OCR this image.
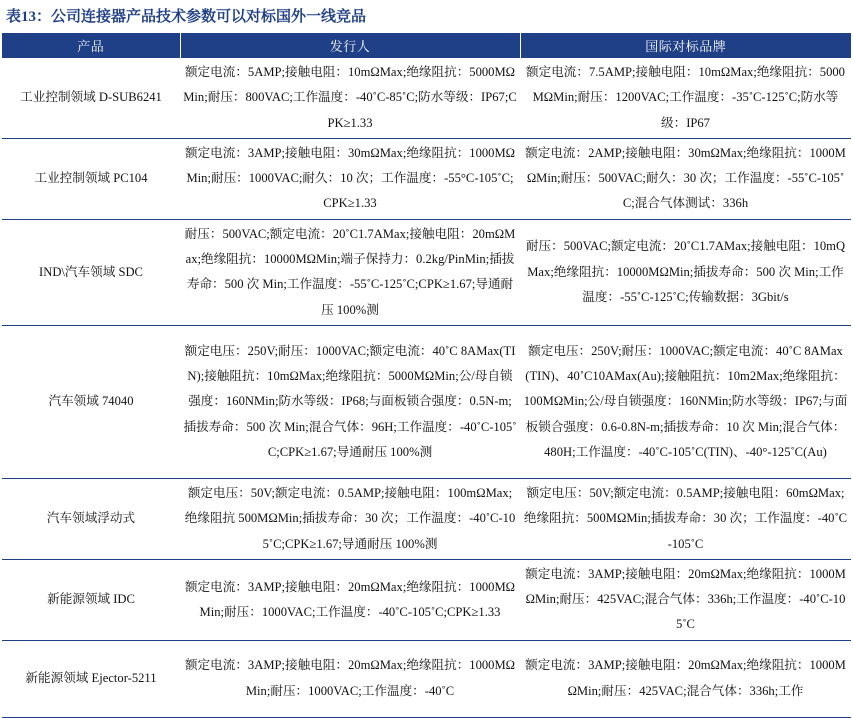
表13：公司连接器产品技术参数可以对标国外一线竞品
产品	发行人	国际对标品牌
工业控制领域 D-SUB6241	额定电流：5AMP;接触电阻：10mΩMax;绝缘阻抗：5000MΩMin;耐压：800VAC;工作温度：-40˚C-85˚C;防水等级：IP67;CPK≥1.33	额定电流：7.5AMP;接触电阻：10mΩMax;绝缘阻抗：5000MΩMin;耐压：1200VAC;工作温度：-35˚C-125˚C;防水等级：IP67
工业控制领域 PC104	额定电流：3AMP;接触电阻：30mΩMax;绝缘阻抗：1000MΩMin;耐压：1000VAC;耐久：10 次；工作温度：-55°C-105˚C;CPK≥1.33	额定电流：2AMP;接触电阻：30mΩMax;绝缘阻抗：1000MΩMin;耐压：500VAC;耐久：30 次；工作温度：-55˚C-105˚C;混合气体测试：336h
IND\汽车领域 SDC	耐压：500VAC;额定电流：20˚C1.7AMax;接触电阻：20mΩMax;绝缘阻抗：10000MΩMin;端子保持力：0.2kg/PinMin;插拔寿命：500 次 Min;工作温度：-55˚C-125˚C;CPK≥1.67;导通耐压 100%测	耐压：500VAC;额定电流：20˚C1.7AMax;接触电阻：10mQMax;绝缘阻抗：10000MΩMin;插拔寿命：500 次 Min;工作温度：-55˚C-125˚C;传输数据：3Gbit/s
汽车领域 74040	额定电压：250V;耐压：1000VAC;额定电流：40˚C 8AMax(TIN);接触阻抗：10mΩMax;绝缘阻抗：5000MΩMin;公/母自锁强度：160NMin;防水等级：IP68;与面板锁合强度：0.5N-m;插拔寿命：500 次 Min;混合气体：96H;工作温度：-40˚C-105˚C;CPK≥1.67;导通耐压 100%测	额定电压：250V;耐压：1000VAC;额定电流：40˚C 8AMax(TIN)、40˚C10AMax(Au);接触阻抗：10m2Max;绝缘阻抗：100MΩMin;公/母自锁强度：160NMin;防水等级：IP67;与面板锁合强度：0.6-0.8N-m;插拔寿命：10 次 Min;混合气体：480H;工作温度：-40˚C-105˚C(TIN)、-40°-125˚C(Au)
汽车领域浮动式	额定电压：50V;额定电流：0.5AMP;接触电阻：100mΩMax;绝缘阻抗 500MΩMin;插拔寿命：30 次；工作温度：-40˚C-105˚C;CPK≥1.67;导通耐压 100%测	额定电压：50V;额定电流：0.5AMP;接触电阻：60mΩMax;绝缘阻抗：500MΩMin;插拔寿命：30 次；工作温度：-40˚C-105˚C
新能源领域 IDC	额定电流：3AMP;接触电阻：20mΩMax;绝缘阻抗：1000MΩMin;耐压：1000VAC;工作温度：-40˚C-105˚C;CPK≥1.33	额定电流：3AMP;接触电阻：20mΩMax;绝缘阻抗：1000MΩMin;耐压：425VAC;混合气体：336h;工作温度：-40˚C-105˚C
新能源领域 Ejector-5211	额定电流：3AMP;接触电阻：20mΩMax;绝缘阻抗：1000MΩMin;耐压：1000VAC;工作温度：-40˚C	额定电流：3AMP;接触电阻：20mΩMax;绝缘阻抗：1000MΩMin;耐压：425VAC;混合气体：336h;工作
